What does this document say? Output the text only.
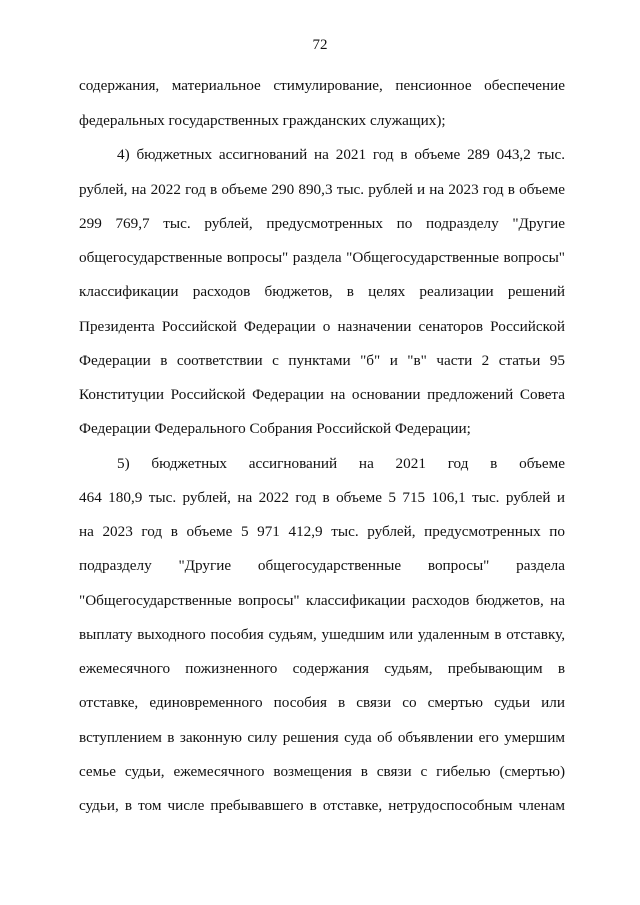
72
содержания, материальное стимулирование, пенсионное обеспечение
федеральных государственных гражданских служащих);
4) бюджетных ассигнований на 2021 год в объеме 289 043,2 тыс.
рублей, на 2022 год в объеме 290 890,3 тыс. рублей и на 2023 год в объеме
299 769,7 тыс. рублей, предусмотренных по подразделу "Другие
общегосударственные вопросы" раздела "Общегосударственные вопросы"
классификации расходов бюджетов, в целях реализации решений
Президента Российской Федерации о назначении сенаторов Российской
Федерации в соответствии с пунктами "б" и "в" части 2 статьи 95
Конституции Российской Федерации на основании предложений Совета
Федерации Федерального Собрания Российской Федерации;
5) бюджетных ассигнований на 2021 год в объеме
464 180,9 тыс. рублей, на 2022 год в объеме 5 715 106,1 тыс. рублей и
на 2023 год в объеме 5 971 412,9 тыс. рублей, предусмотренных по
подразделу "Другие общегосударственные вопросы" раздела
"Общегосударственные вопросы" классификации расходов бюджетов, на
выплату выходного пособия судьям, ушедшим или удаленным в отставку,
ежемесячного пожизненного содержания судьям, пребывающим в
отставке, единовременного пособия в связи со смертью судьи или
вступлением в законную силу решения суда об объявлении его умершим
семье судьи, ежемесячного возмещения в связи с гибелью (смертью)
судьи, в том числе пребывавшего в отставке, нетрудоспособным членам
